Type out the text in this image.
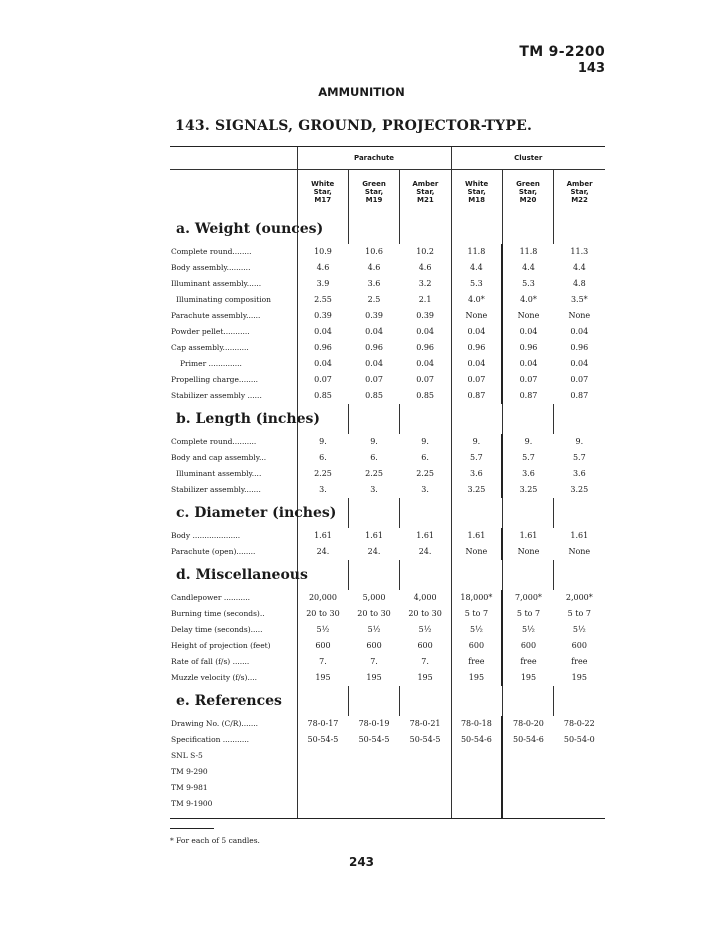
TM 9-2200
143
AMMUNITION
143. SIGNALS, GROUND, PROJECTOR-TYPE.
	Parachute			Cluster		

	White
Star,
M17	Green
Star,
M19	Amber
Star,
M21	White
Star,
M18	Green
Star,
M20	Amber
Star,
M22

a. Weight (ounces)						
Complete round........	10.9	10.6	10.2	11.8	11.8	11.3
Body assembly..........	4.6	4.6	4.6	4.4	4.4	4.4
Illuminant assembly......	3.9	3.6	3.2	5.3	5.3	4.8
Illuminating composition	2.55	2.5	2.1	4.0*	4.0*	3.5*
Parachute assembly......	0.39	0.39	0.39	None	None	None
Powder pellet...........	0.04	0.04	0.04	0.04	0.04	0.04
Cap assembly...........	0.96	0.96	0.96	0.96	0.96	0.96
Primer ..............	0.04	0.04	0.04	0.04	0.04	0.04
Propelling charge........	0.07	0.07	0.07	0.07	0.07	0.07
Stabilizer assembly ......	0.85	0.85	0.85	0.87	0.87	0.87
b. Length (inches)						
Complete round..........	9.	9.	9.	9.	9.	9.
Body and cap assembly...	6.	6.	6.	5.7	5.7	5.7
Illuminant assembly....	2.25	2.25	2.25	3.6	3.6	3.6
Stabilizer assembly.......	3.	3.	3.	3.25	3.25	3.25
c. Diameter (inches)						
Body ....................	1.61	1.61	1.61	1.61	1.61	1.61
Parachute (open)........	24.	24.	24.	None	None	None
d. Miscellaneous						
Candlepower ...........	20,000	5,000	4,000	18,000*	7,000*	2,000*
Burning time (seconds)..	20 to 30	20 to 30	20 to 30	5 to 7	5 to 7	5 to 7
Delay time (seconds).....	5½	5½	5½	5½	5½	5½
Height of projection (feet)	600	600	600	600	600	600
Rate of fall (f/s) .......	7.	7.	7.	free	free	free
Muzzle velocity (f/s)....	195	195	195	195	195	195
e. References						
Drawing No. (C/R).......	78-0-17	78-0-19	78-0-21	78-0-18	78-0-20	78-0-22
Specification ...........	50-54-5	50-54-5	50-54-5	50-54-6	50-54-6	50-54-0
SNL S-5						
TM 9-290						
TM 9-981						
TM 9-1900						

* For each of 5 candles.
243
